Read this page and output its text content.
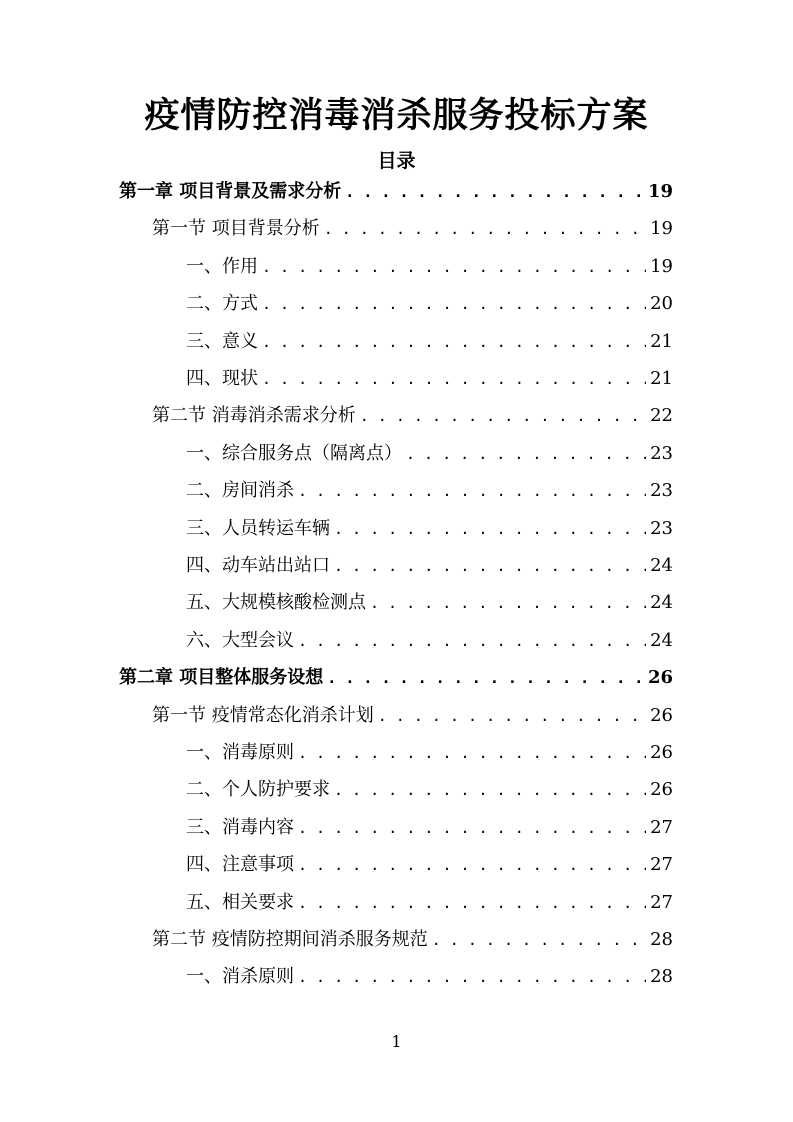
疫情防控消毒消杀服务投标方案
目录
第一章 项目背景及需求分析 . . .	19
第一节 项目背景分析 . . .	19
一、作用 . . .	19
二、方式 . . .	20
三、意义 . . .	21
四、现状 . . .	21
第二节 消毒消杀需求分析 . . .	22
一、综合服务点（隔离点） . . .	23
二、房间消杀 . . .	23
三、人员转运车辆 . . .	23
四、动车站出站口 . . .	24
五、大规模核酸检测点 . . .	24
六、大型会议 . . .	24
第二章 项目整体服务设想 . . .	26
第一节 疫情常态化消杀计划 . . .	26
一、消毒原则 . . .	26
二、个人防护要求 . . .	26
三、消毒内容 . . .	27
四、注意事项 . . .	27
五、相关要求 . . .	27
第二节 疫情防控期间消杀服务规范 . . .	28
一、消杀原则 . . .	28
1
